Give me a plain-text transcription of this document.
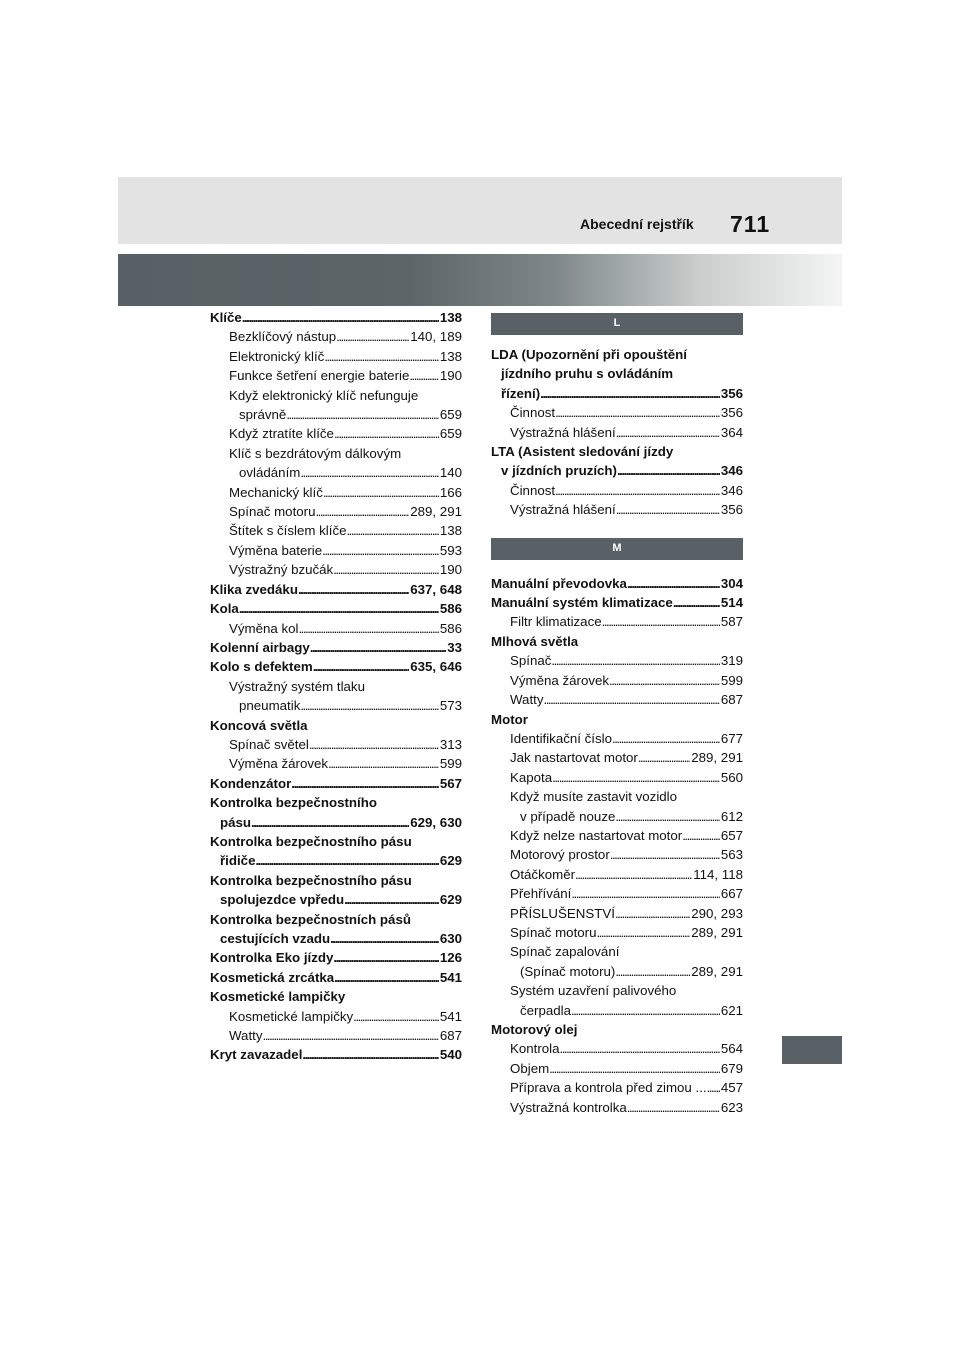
Abecední rejstřík 711
Klíče . . .	138
Bezklíčový nástup . . .	140, 189
Elektronický klíč . . .	138
Funkce šetření energie baterie . . . 190
Když elektronický klíč nefunguje
správně . . .	659
Když ztratíte klíče . . .	659
Klíč s bezdrátovým dálkovým
ovládáním . . .	140
Mechanický klíč . . .	166
Spínač motoru . . .	289, 291
Štítek s číslem klíče . . .	138
Výměna baterie . . .	593
Výstražný bzučák . . .	190
Klika zvedáku . . .	637, 648
Kola . . .	586
Výměna kol . . .	586
Kolenní airbagy . . .	33
Kolo s defektem . . .	635, 646
Výstražný systém tlaku
pneumatik . . .	573
Koncová světla
Spínač světel . . .	313
Výměna žárovek . . .	599
Kondenzátor . . .	567
Kontrolka bezpečnostního
pásu . . .	629, 630
Kontrolka bezpečnostního pásu
řidiče . . .	629
Kontrolka bezpečnostního pásu
spolujezdce vpředu . . .	629
Kontrolka bezpečnostních pásů
cestujících vzadu . . .	630
Kontrolka Eko jízdy . . .	126
Kosmetická zrcátka . . .	541
Kosmetické lampičky
Kosmetické lampičky . . .	541
Watty . . .	687
Kryt zavazadel . . .	540
L
LDA (Upozornění při opouštění
jízdního pruhu s ovládáním
řízení) . . .	356
Činnost . . .	356
Výstražná hlášení . . .	364
LTA (Asistent sledování jízdy
v jízdních pruzích) . . .	346
Činnost . . .	346
Výstražná hlášení . . .	356
M
Manuální převodovka . . .	304
Manuální systém klimatizace . . .	514
Filtr klimatizace . . .	587
Mlhová světla
Spínač . . .	319
Výměna žárovek . . .	599
Watty . . .	687
Motor
Identifikační číslo . . .	677
Jak nastartovat motor . . .	289, 291
Kapota . . .	560
Když musíte zastavit vozidlo
v případě nouze . . .	612
Když nelze nastartovat motor . . .	657
Motorový prostor . . .	563
Otáčkoměr . . .	114, 118
Přehřívání . . .	667
PŘÍSLUŠENSTVÍ . . .	290, 293
Spínač motoru . . .	289, 291
Spínač zapalování
(Spínač motoru) . . .	289, 291
Systém uzavření palivového
čerpadla . . .	621
Motorový olej
Kontrola . . .	564
Objem . . .	679
Příprava a kontrola před zimou ... . . . 457
Výstražná kontrolka . . .	623
